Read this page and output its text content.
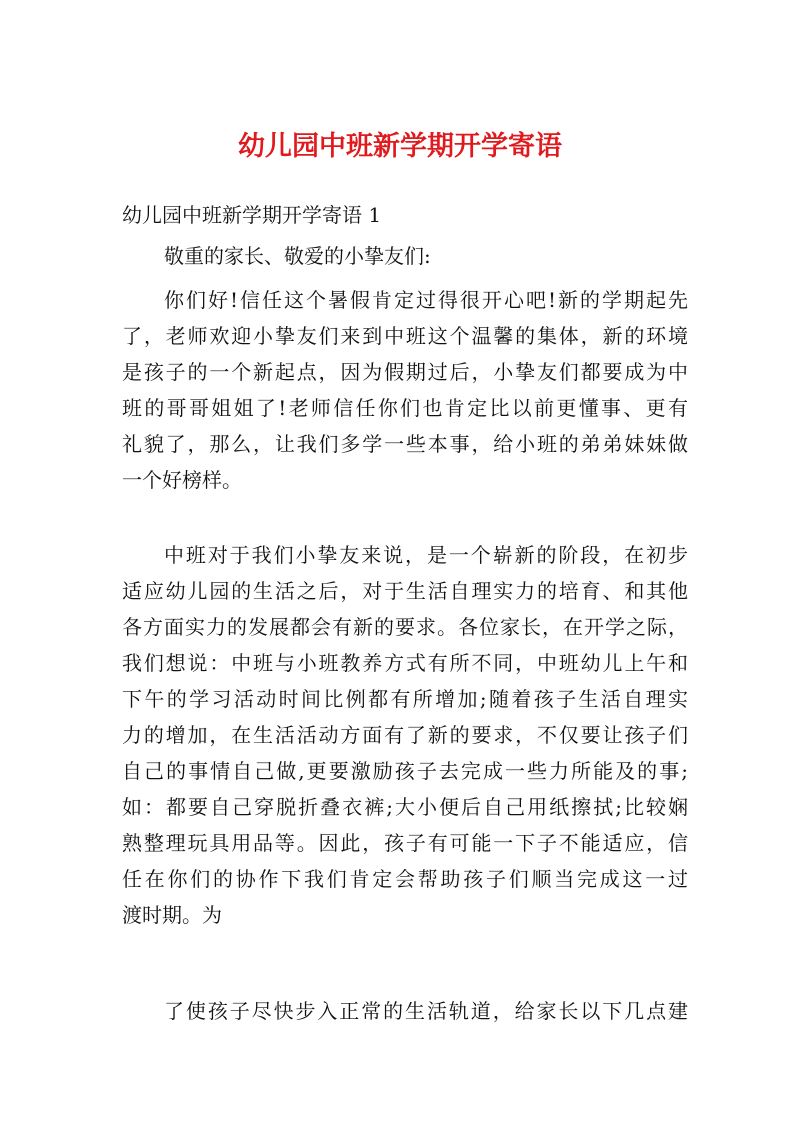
幼儿园中班新学期开学寄语
幼儿园中班新学期开学寄语 1
敬重的家长、敬爱的小挚友们:
你们好!信任这个暑假肯定过得很开心吧!新的学期起先
了，老师欢迎小挚友们来到中班这个温馨的集体，新的环境
是孩子的一个新起点，因为假期过后，小挚友们都要成为中
班的哥哥姐姐了!老师信任你们也肯定比以前更懂事、更有
礼貌了，那么，让我们多学一些本事，给小班的弟弟妹妹做
一个好榜样。
中班对于我们小挚友来说，是一个崭新的阶段，在初步
适应幼儿园的生活之后，对于生活自理实力的培育、和其他
各方面实力的发展都会有新的要求。各位家长，在开学之际，
我们想说：中班与小班教养方式有所不同，中班幼儿上午和
下午的学习活动时间比例都有所增加;随着孩子生活自理实
力的增加，在生活活动方面有了新的要求，不仅要让孩子们
自己的事情自己做,更要激励孩子去完成一些力所能及的事;
如：都要自己穿脱折叠衣裤;大小便后自己用纸擦拭;比较娴
熟整理玩具用品等。因此，孩子有可能一下子不能适应，信
任在你们的协作下我们肯定会帮助孩子们顺当完成这一过
渡时期。为
了使孩子尽快步入正常的生活轨道，给家长以下几点建
